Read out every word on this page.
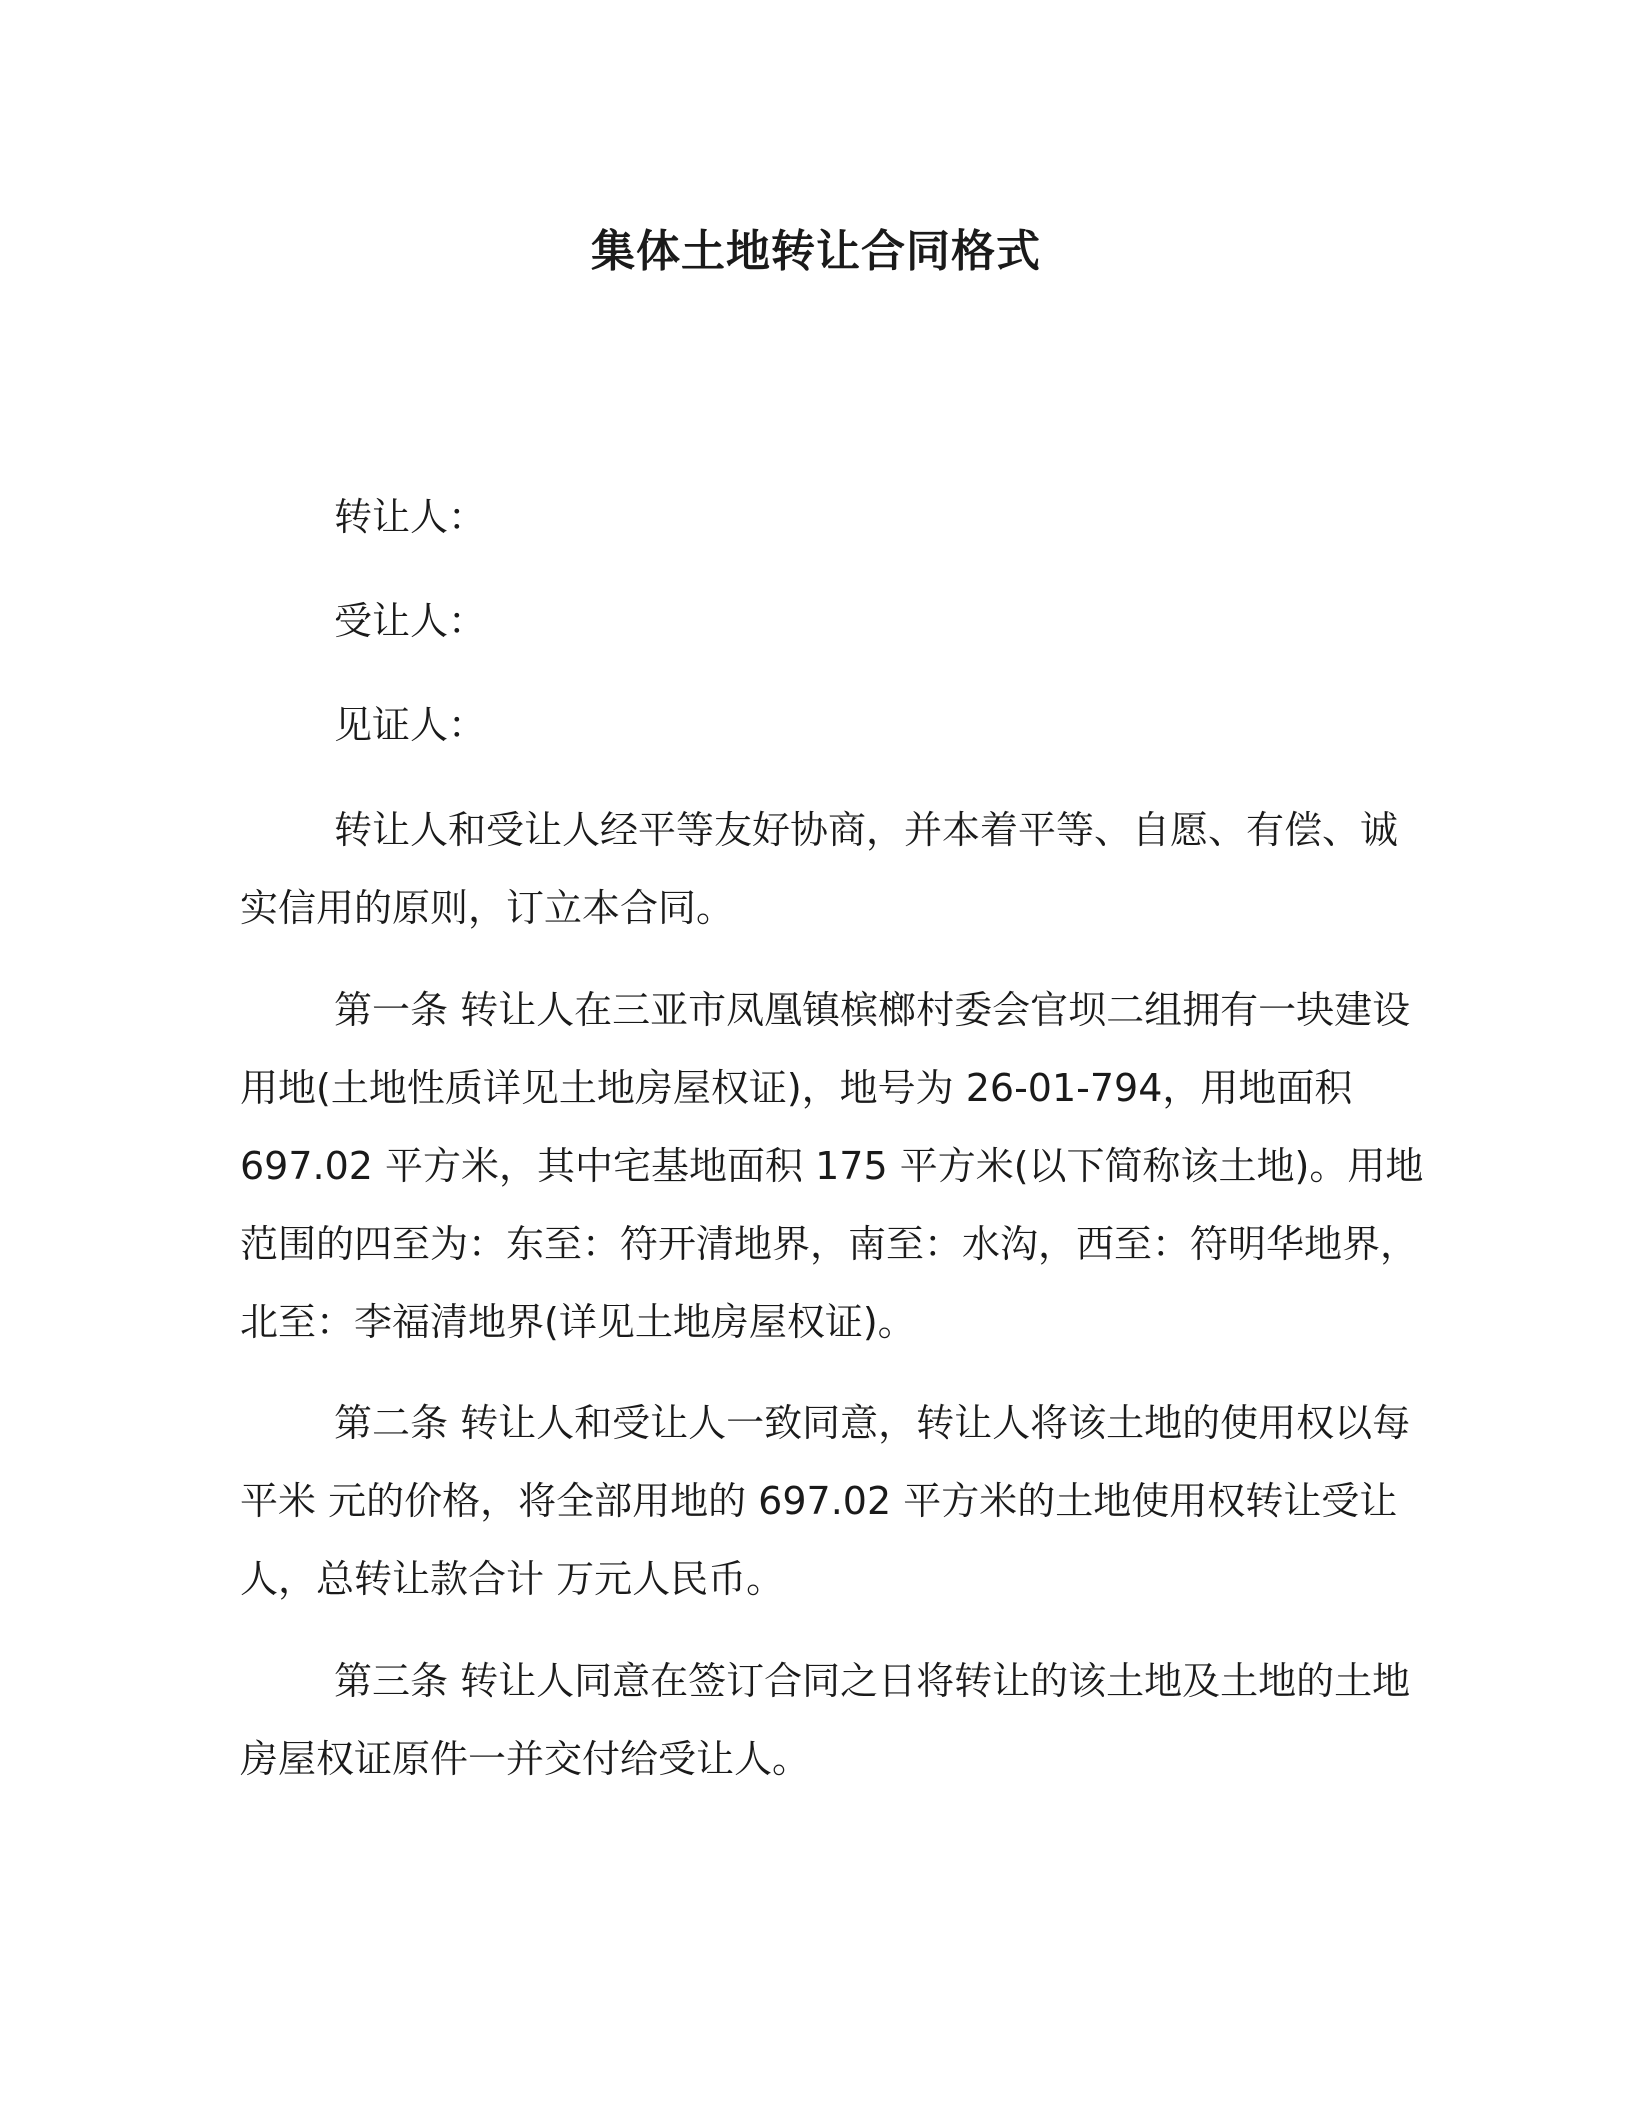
集体土地转让合同格式

转让人：

受让人：

见证人：

转让人和受让人经平等友好协商，并本着平等、自愿、有偿、诚
实信用的原则，订立本合同。
第一条 转让人在三亚市凤凰镇槟榔村委会官坝二组拥有一块建设
用地(土地性质详见土地房屋权证)，地号为 26-01-794，用地面积
697.02 平方米，其中宅基地面积 175 平方米(以下简称该土地)。用地
范围的四至为：东至：符开清地界，南至：水沟，西至：符明华地界，
北至：李福清地界(详见土地房屋权证)。
第二条 转让人和受让人一致同意，转让人将该土地的使用权以每
平米 元的价格，将全部用地的 697.02 平方米的土地使用权转让受让
人，总转让款合计 万元人民币。
第三条 转让人同意在签订合同之日将转让的该土地及土地的土地
房屋权证原件一并交付给受让人。
